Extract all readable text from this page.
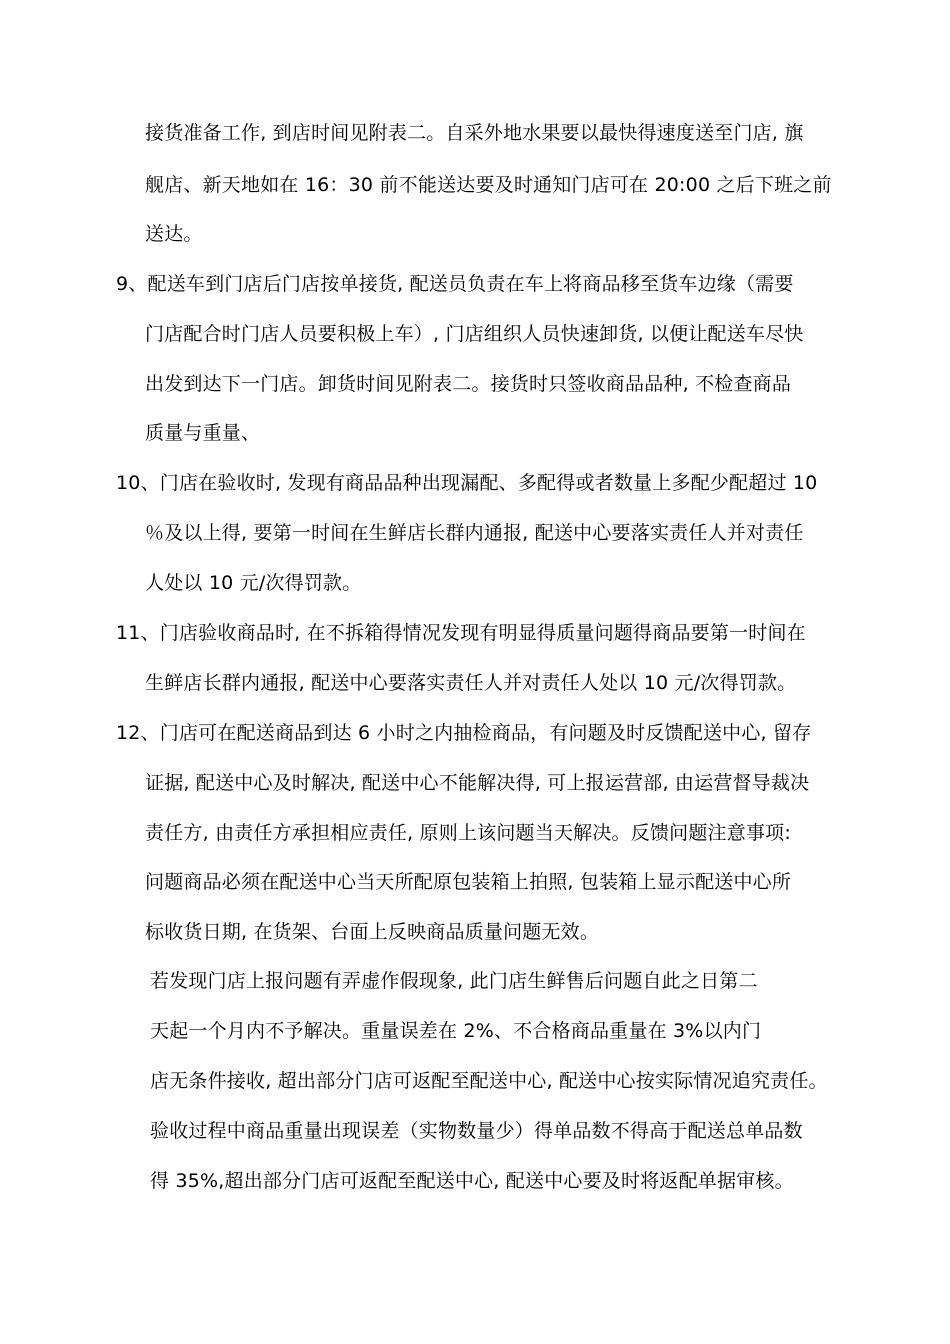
接货准备工作, 到店时间见附表二。自采外地水果要以最快得速度送至门店, 旗
舰店、新天地如在 16：30 前不能送达要及时通知门店可在 20:00 之后下班之前
送达。
9、配送车到门店后门店按单接货, 配送员负责在车上将商品移至货车边缘（需要
门店配合时门店人员要积极上车）, 门店组织人员快速卸货, 以便让配送车尽快
出发到达下一门店。卸货时间见附表二。接货时只签收商品品种, 不检查商品
质量与重量、
10、门店在验收时, 发现有商品品种出现漏配、多配得或者数量上多配少配超过 10
％及以上得, 要第一时间在生鲜店长群内通报, 配送中心要落实责任人并对责任
人处以 10 元/次得罚款。
11、门店验收商品时, 在不拆箱得情况发现有明显得质量问题得商品要第一时间在
生鲜店长群内通报, 配送中心要落实责任人并对责任人处以 10 元/次得罚款。
12、门店可在配送商品到达 6 小时之内抽检商品，有问题及时反馈配送中心, 留存
证据, 配送中心及时解决, 配送中心不能解决得, 可上报运营部, 由运营督导裁决
责任方, 由责任方承担相应责任, 原则上该问题当天解决。反馈问题注意事项:
问题商品必须在配送中心当天所配原包装箱上拍照, 包装箱上显示配送中心所
标收货日期, 在货架、台面上反映商品质量问题无效。
若发现门店上报问题有弄虚作假现象, 此门店生鲜售后问题自此之日第二
天起一个月内不予解决。重量误差在 2%、不合格商品重量在 3%以内门
店无条件接收, 超出部分门店可返配至配送中心, 配送中心按实际情况追究责任。
验收过程中商品重量出现误差（实物数量少）得单品数不得高于配送总单品数
得 35%,超出部分门店可返配至配送中心, 配送中心要及时将返配单据审核。
